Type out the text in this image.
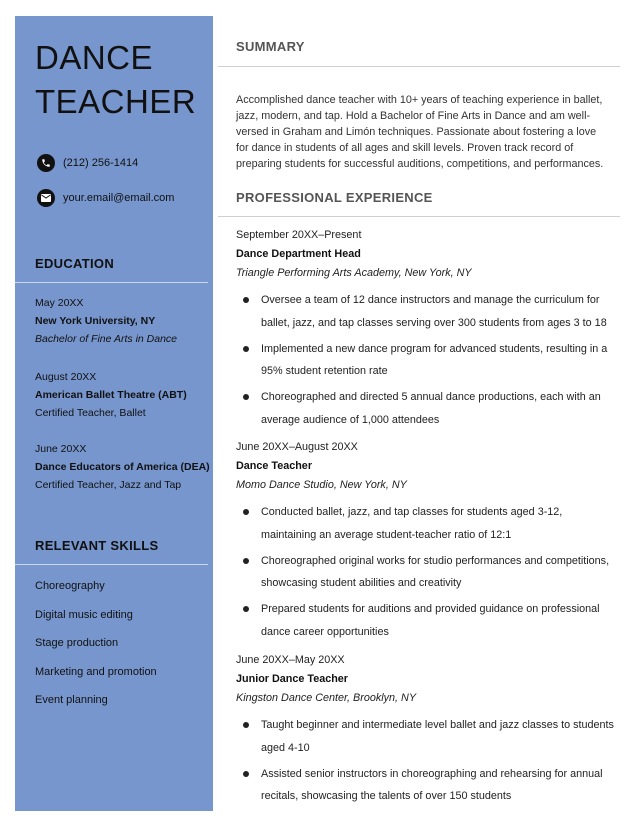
DANCE
TEACHER
(212) 256-1414
your.email@email.com
EDUCATION
May 20XX
New York University, NY
Bachelor of Fine Arts in Dance
August 20XX
American Ballet Theatre (ABT)
Certified Teacher, Ballet
June 20XX
Dance Educators of America (DEA)
Certified Teacher, Jazz and Tap
RELEVANT SKILLS
Choreography
Digital music editing
Stage production
Marketing and promotion
Event planning
SUMMARY
Accomplished dance teacher with 10+ years of teaching experience in ballet, jazz, modern, and tap. Hold a Bachelor of Fine Arts in Dance and am well-versed in Graham and Limón techniques. Passionate about fostering a love for dance in students of all ages and skill levels. Proven track record of preparing students for successful auditions, competitions, and performances.
PROFESSIONAL EXPERIENCE
September 20XX–Present
Dance Department Head
Triangle Performing Arts Academy, New York, NY
Oversee a team of 12 dance instructors and manage the curriculum for ballet, jazz, and tap classes serving over 300 students from ages 3 to 18
Implemented a new dance program for advanced students, resulting in a 95% student retention rate
Choreographed and directed 5 annual dance productions, each with an average audience of 1,000 attendees
June 20XX–August 20XX
Dance Teacher
Momo Dance Studio, New York, NY
Conducted ballet, jazz, and tap classes for students aged 3-12, maintaining an average student-teacher ratio of 12:1
Choreographed original works for studio performances and competitions, showcasing student abilities and creativity
Prepared students for auditions and provided guidance on professional dance career opportunities
June 20XX–May 20XX
Junior Dance Teacher
Kingston Dance Center, Brooklyn, NY
Taught beginner and intermediate level ballet and jazz classes to students aged 4-10
Assisted senior instructors in choreographing and rehearsing for annual recitals, showcasing the talents of over 150 students
